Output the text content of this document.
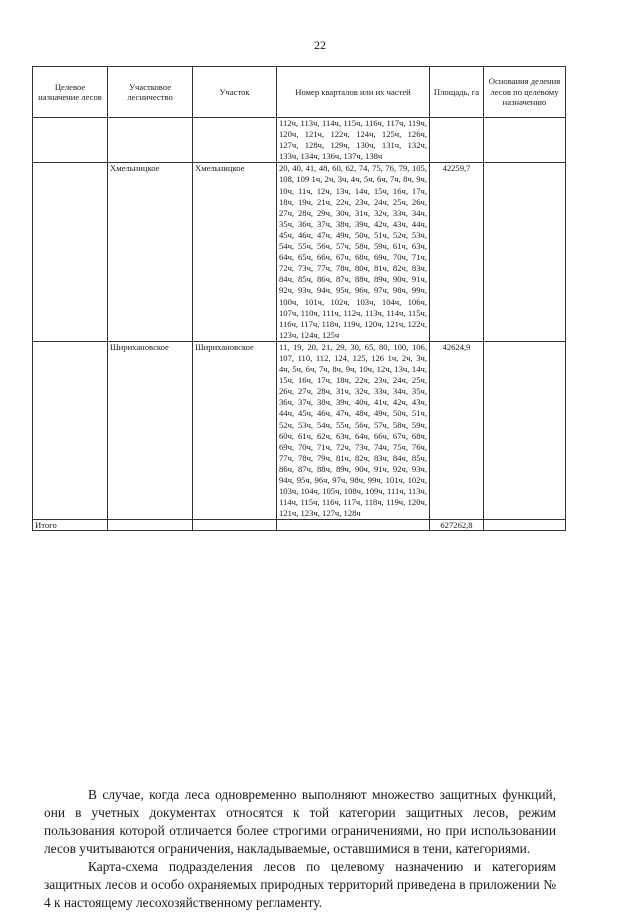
22
Целевое назначение лесов	Участковое лесничество	Участок	Номер кварталов или их частей	Площадь, га	Основания деления лесов по целевому назначению
			112ч, 113ч, 114ч, 115ч, 116ч, 117ч, 119ч, 120ч, 121ч, 122ч, 124ч, 125ч, 126ч, 127ч, 128ч, 129ч, 130ч, 131ч, 132ч, 133ч, 134ч, 136ч, 137ч, 138ч		
	Хмельницкое	Хмельницкое	20, 40, 41, 48, 60, 62, 74, 75, 76, 79, 105, 108, 109 1ч, 2ч, 3ч, 4ч, 5ч, 6ч, 7ч, 8ч, 9ч, 10ч, 11ч, 12ч, 13ч, 14ч, 15ч, 16ч, 17ч, 18ч, 19ч, 21ч, 22ч, 23ч, 24ч, 25ч, 26ч, 27ч, 28ч, 29ч, 30ч, 31ч, 32ч, 33ч, 34ч, 35ч, 36ч, 37ч, 38ч, 39ч, 42ч, 43ч, 44ч, 45ч, 46ч, 47ч, 49ч, 50ч, 51ч, 52ч, 53ч, 54ч, 55ч, 56ч, 57ч, 58ч, 59ч, 61ч, 63ч, 64ч, 65ч, 66ч, 67ч, 68ч, 69ч, 70ч, 71ч, 72ч, 73ч, 77ч, 78ч, 80ч, 81ч, 82ч, 83ч, 84ч, 85ч, 86ч, 87ч, 88ч, 89ч, 90ч, 91ч, 92ч, 93ч, 94ч, 95ч, 96ч, 97ч, 98ч, 99ч, 100ч, 101ч, 102ч, 103ч, 104ч, 106ч, 107ч, 110ч, 111ч, 112ч, 113ч, 114ч, 115ч, 116ч, 117ч, 118ч, 119ч, 120ч, 121ч, 122ч, 123ч, 124ч, 125ч	42259,7	
	Ширихановское	Ширихановское	11, 19, 20, 21, 29, 30, 65, 80, 100, 106, 107, 110, 112, 124, 125, 126 1ч, 2ч, 3ч, 4ч, 5ч, 6ч, 7ч, 8ч, 9ч, 10ч, 12ч, 13ч, 14ч, 15ч, 16ч, 17ч, 18ч, 22ч, 23ч, 24ч, 25ч, 26ч, 27ч, 28ч, 31ч, 32ч, 33ч, 34ч, 35ч, 36ч, 37ч, 38ч, 39ч, 40ч, 41ч, 42ч, 43ч, 44ч, 45ч, 46ч, 47ч, 48ч, 49ч, 50ч, 51ч, 52ч, 53ч, 54ч, 55ч, 56ч, 57ч, 58ч, 59ч, 60ч, 61ч, 62ч, 63ч, 64ч, 66ч, 67ч, 68ч, 69ч, 70ч, 71ч, 72ч, 73ч, 74ч, 75ч, 76ч, 77ч, 78ч, 79ч, 81ч, 82ч, 83ч, 84ч, 85ч, 86ч, 87ч, 88ч, 89ч, 90ч, 91ч, 92ч, 93ч, 94ч, 95ч, 96ч, 97ч, 98ч, 99ч, 101ч, 102ч, 103ч, 104ч, 105ч, 108ч, 109ч, 111ч, 113ч, 114ч, 115ч, 116ч, 117ч, 118ч, 119ч, 120ч, 121ч, 123ч, 127ч, 128ч	42624,9	
Итого				627262,8	

В случае, когда леса одновременно выполняют множество защитных функций, они в учетных документах относятся к той категории защитных лесов, режим пользования которой отличается более строгими ограничениями, но при использовании лесов учитываются ограничения, накладываемые, оставшимися в тени, категориями.

Карта-схема подразделения лесов по целевому назначению и категориям защитных лесов и особо охраняемых природных территорий приведена в приложении № 4 к настоящему лесохозяйственному регламенту.
